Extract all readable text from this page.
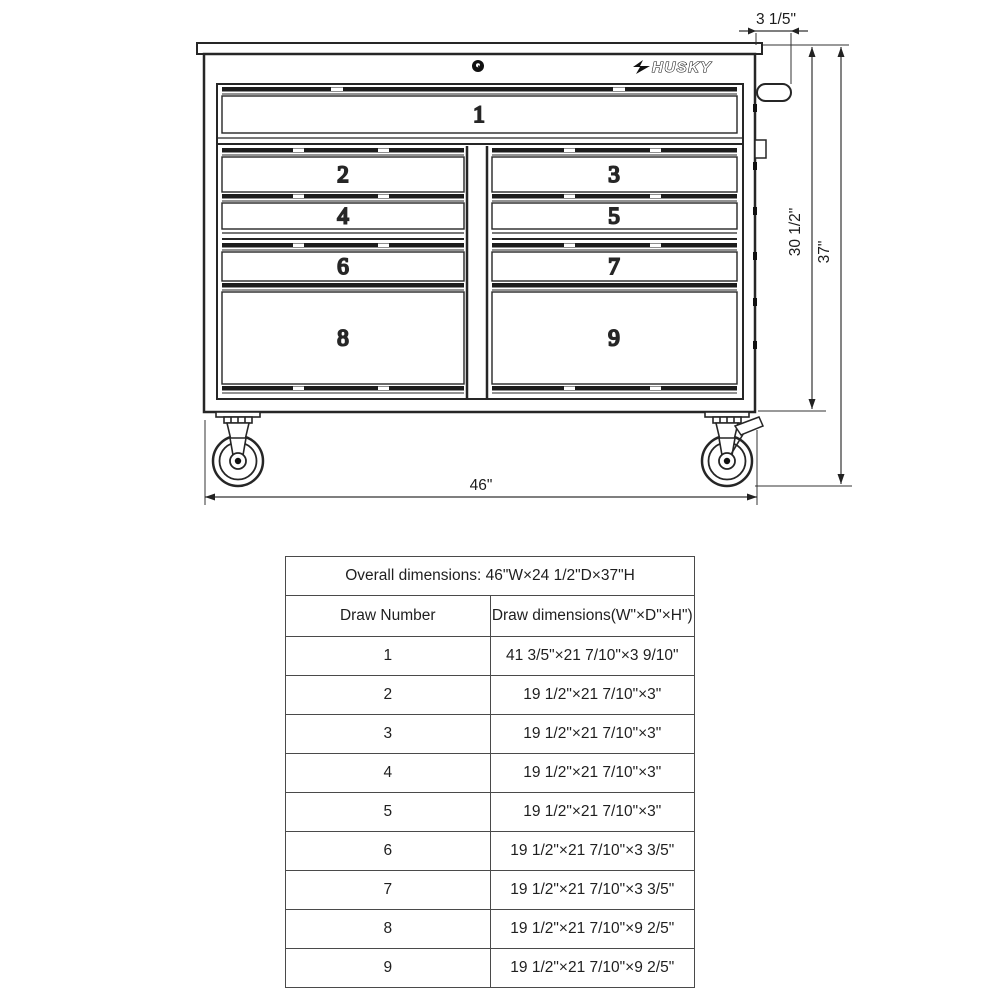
HUSKY
1
2	3
4	5
6	7
8	9
3 1/5"
30 1/2" 37"
46"
Overall dimensions: 46"W×24 1/2"D×37"H	
Draw Number	Draw dimensions(W"×D"×H")
1	41 3/5"×21 7/10"×3 9/10"
2	19 1/2"×21 7/10"×3"
3	19 1/2"×21 7/10"×3"
4	19 1/2"×21 7/10"×3"
5	19 1/2"×21 7/10"×3"
6	19 1/2"×21 7/10"×3 3/5"
7	19 1/2"×21 7/10"×3 3/5"
8	19 1/2"×21 7/10"×9 2/5"
9	19 1/2"×21 7/10"×9 2/5"
